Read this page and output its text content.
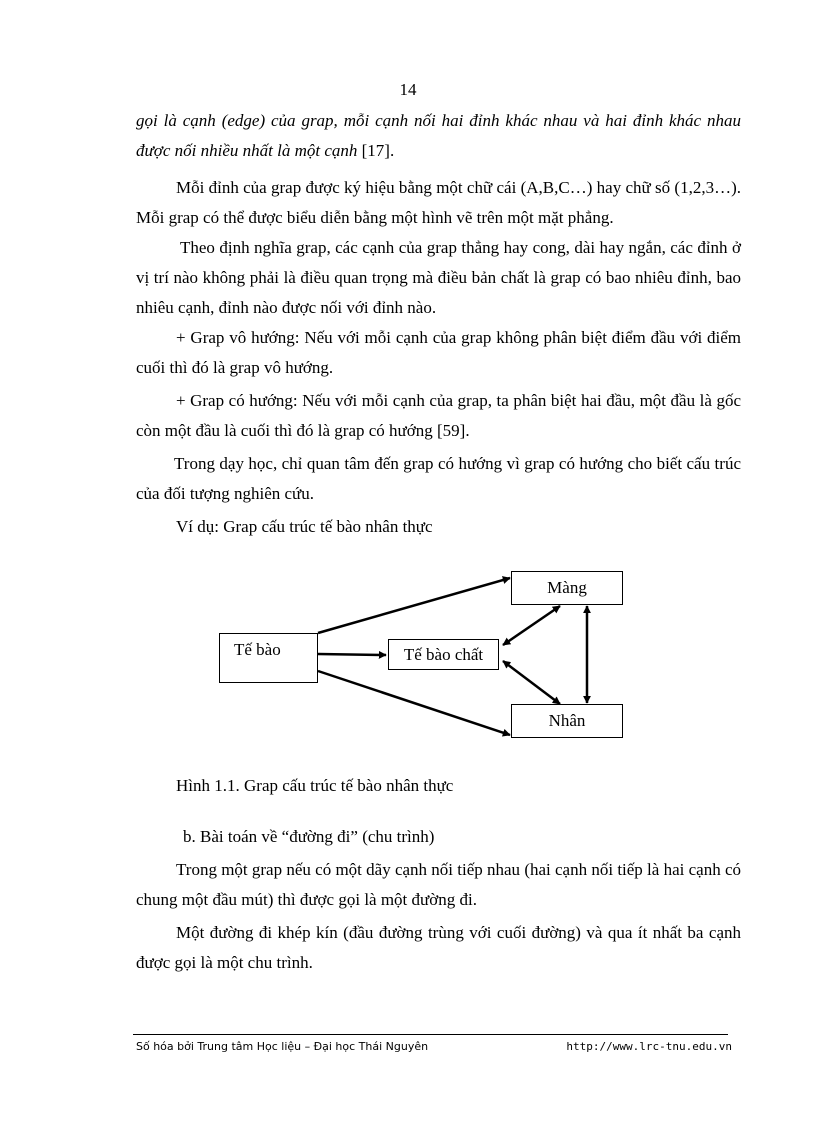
14

gọi là cạnh (edge) của grap, mỗi cạnh nối hai đỉnh khác nhau và hai đỉnh khác nhau được nối nhiều nhất là một cạnh [17].

Mỗi đỉnh của grap được ký hiệu bằng một chữ cái (A,B,C…) hay chữ số (1,2,3…). Mỗi grap có thể được biểu diễn bằng một hình vẽ trên một mặt phẳng.

Theo định nghĩa grap, các cạnh của grap thẳng hay cong, dài hay ngắn, các đỉnh ở vị trí nào không phải là điều quan trọng mà điều bản chất là grap có bao nhiêu đỉnh, bao nhiêu cạnh, đỉnh nào được nối với đỉnh nào.

+ Grap vô hướng: Nếu với mỗi cạnh của grap không phân biệt điểm đầu với điểm cuối thì đó là grap vô hướng.

+ Grap có hướng: Nếu với mỗi cạnh của grap, ta phân biệt hai đầu, một đầu là gốc còn một đầu là cuối thì đó là grap có hướng [59].

Trong dạy học, chỉ quan tâm đến grap có hướng vì grap có hướng cho biết cấu trúc của đối tượng nghiên cứu.

Ví dụ: Grap cấu trúc tế bào nhân thực

Tế bào	Tế bào chất
Màng
Nhân
Hình 1.1. Grap cấu trúc tế bào nhân thực

b. Bài toán về “đường đi” (chu trình)

Trong một grap nếu có một dãy cạnh nối tiếp nhau (hai cạnh nối tiếp là hai cạnh có chung một đầu mút) thì được gọi là một đường đi.

Một đường đi khép kín (đầu đường trùng với cuối đường) và qua ít nhất ba cạnh được gọi là một chu trình.

Số hóa bởi Trung tâm Học liệu – Đại học Thái Nguyên	http://www.lrc-tnu.edu.vn
